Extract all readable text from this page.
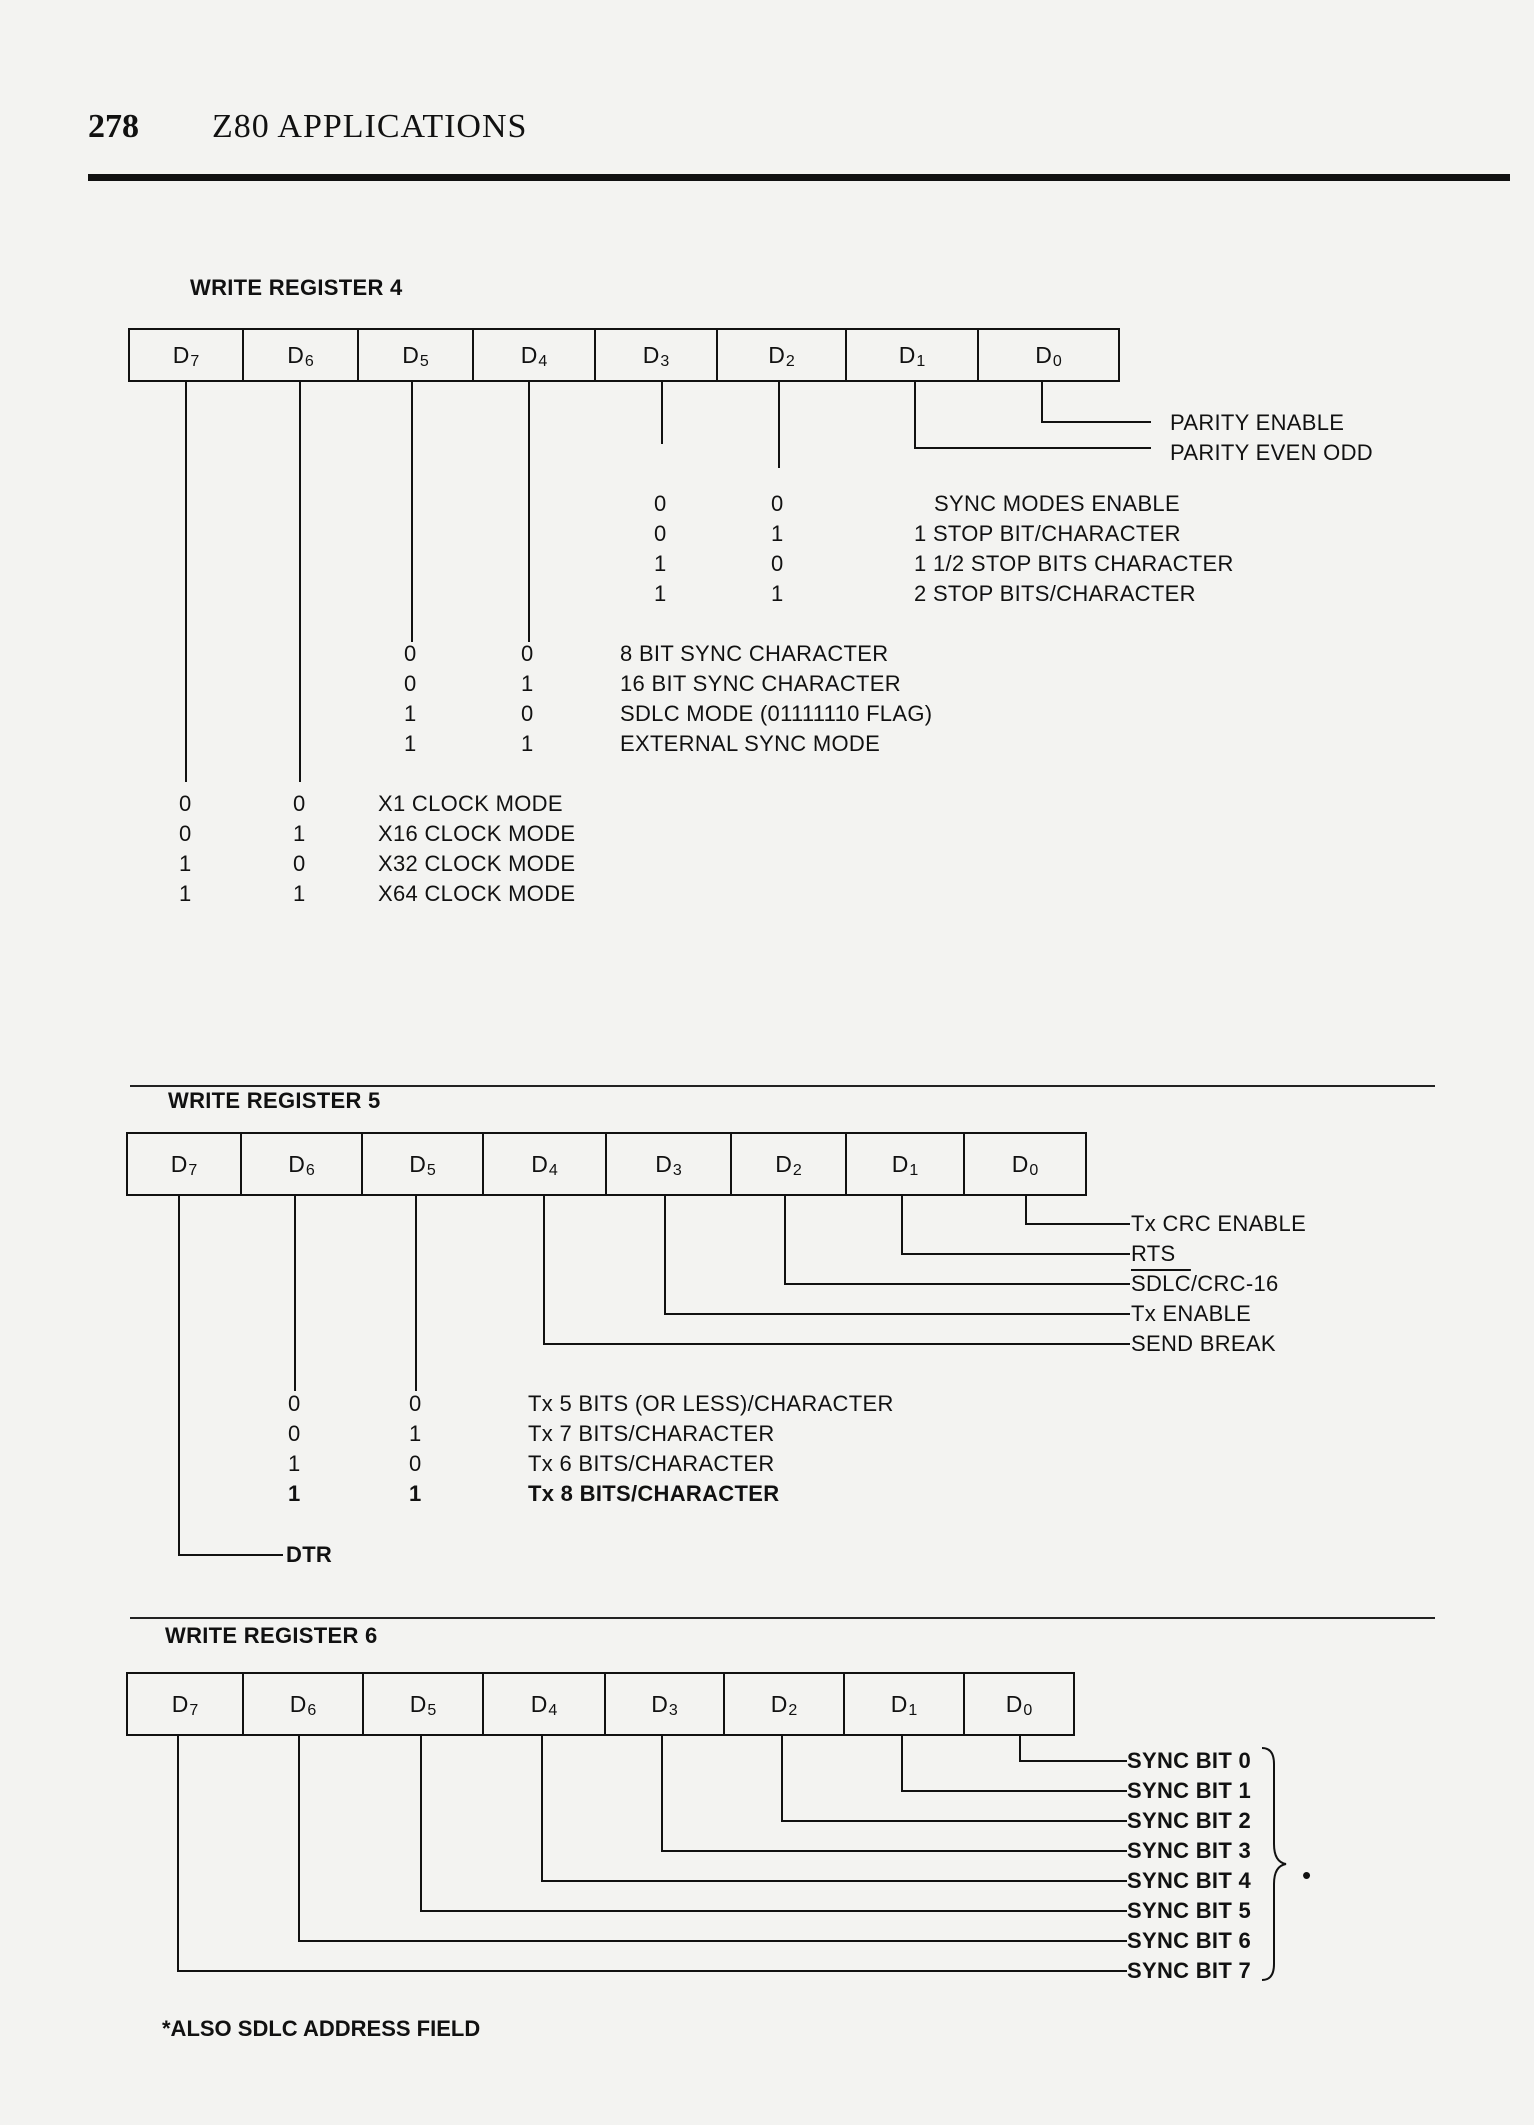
278 Z80 APPLICATIONS
WRITE REGISTER 4
D 7	D 6	D 5	D 4	D 3	D 2	D 1	D 0
PARITY ENABLE
PARITY EVEN ODD
0	0	SYNC MODES ENABLE
0	1	1 STOP BIT/CHARACTER
1	0	1 1/2 STOP BITS CHARACTER
1	1	2 STOP BITS/CHARACTER
0	0	8 BIT SYNC CHARACTER
0	1	16 BIT SYNC CHARACTER
1	0	SDLC MODE (01111110 FLAG)
1	1	EXTERNAL SYNC MODE
0	0	X1 CLOCK MODE
0	1	X16 CLOCK MODE
1	0	X32 CLOCK MODE
1	1	X64 CLOCK MODE
WRITE REGISTER 5
D 7	D 6	D 5	D 4	D 3	D 2	D 1	D 0
Tx CRC ENABLE
RTS
SDLC/CRC-16
Tx ENABLE
SEND BREAK
DTR
0	0	Tx 5 BITS (OR LESS)/CHARACTER
0	1	Tx 7 BITS/CHARACTER
1	0	Tx 6 BITS/CHARACTER
1	1	Tx 8 BITS/CHARACTER
WRITE REGISTER 6
D 7	D 6	D 5	D 4	D 3	D 2	D 1	D 0
SYNC BIT 0
SYNC BIT 1
SYNC BIT 2
SYNC BIT 3
SYNC BIT 4
SYNC BIT 5
SYNC BIT 6
SYNC BIT 7
•
*ALSO SDLC ADDRESS FIELD
